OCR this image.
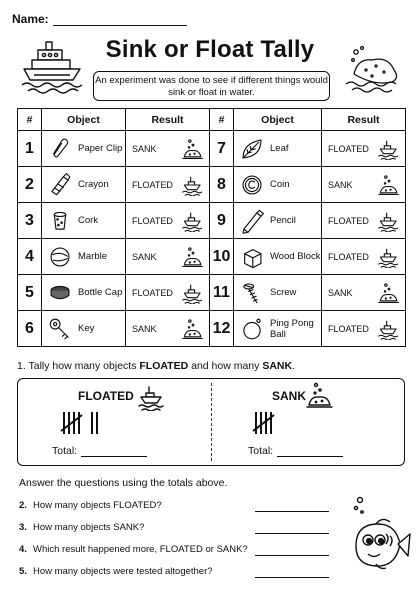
Name:
Sink or Float Tally
An experiment was done to see if different things would sink or float in water.
#	Object	Result	#	Object	Result
1	Paper Clip	SANK	7	Leaf	FLOATED

2	Crayon	FLOATED	8	Coin	SANK

3	Cork	FLOATED	9	Pencil	FLOATED

4	Marble	SANK	10	Wood Block	FLOATED

5	Bottle Cap	FLOATED	11	Screw	SANK

6	Key	SANK	12	Ping Pong Ball	FLOATED
1. Tally how many objects FLOATED and how many SANK.
FLOATED
Total:
SANK
Total:
Answer the questions using the totals above.
2. How many objects FLOATED?
3. How many objects SANK?
4. Which result happened more, FLOATED or SANK?
5. How many objects were tested altogether?
